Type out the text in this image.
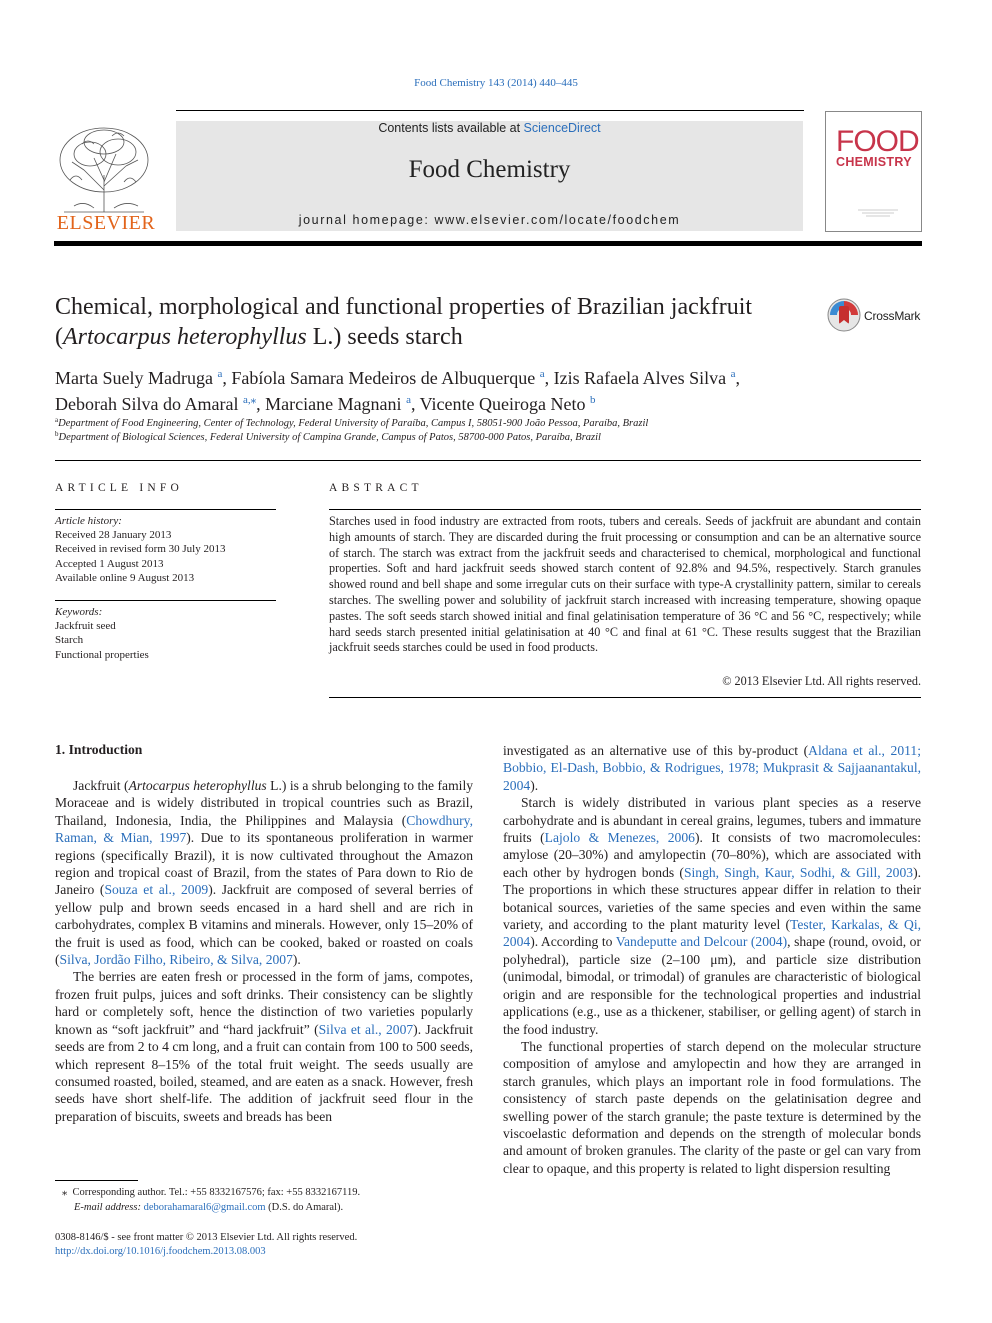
Food Chemistry 143 (2014) 440–445
ELSEVIER
Contents lists available at ScienceDirect
Food Chemistry
journal homepage: www.elsevier.com/locate/foodchem
FOOD
CHEMISTRY
Chemical, morphological and functional properties of Brazilian jackfruit (Artocarpus heterophyllus L.) seeds starch
CrossMark
Marta Suely Madruga $^a$, Fabíola Samara Medeiros de Albuquerque $^a$, Izis Rafaela Alves Silva $^a$,
Deborah Silva do Amaral $^{a,⁎}$, Marciane Magnani $^a$, Vicente Queiroga Neto $^b$
$^a$Department of Food Engineering, Center of Technology, Federal University of Paraíba, Campus I, 58051-900 João Pessoa, Paraíba, Brazil
$^b$Department of Biological Sciences, Federal University of Campina Grande, Campus of Patos, 58700-000 Patos, Paraíba, Brazil
ARTICLE INFO
Article history:
Received 28 January 2013
Received in revised form 30 July 2013
Accepted 1 August 2013
Available online 9 August 2013
Keywords:
Jackfruit seed
Starch
Functional properties
ABSTRACT
Starches used in food industry are extracted from roots, tubers and cereals. Seeds of jackfruit are abundant and contain high amounts of starch. They are discarded during the fruit processing or consumption and can be an alternative source of starch. The starch was extract from the jackfruit seeds and characterised to chemical, morphological and functional properties. Soft and hard jackfruit seeds showed starch content of 92.8% and 94.5%, respectively. Starch granules showed round and bell shape and some irregular cuts on their surface with type-A crystallinity pattern, similar to cereals starches. The swelling power and solubility of jackfruit starch increased with increasing temperature, showing opaque pastes. The soft seeds starch showed initial and final gelatinisation temperature of 36 °C and 56 °C, respectively; while hard seeds starch presented initial gelatinisation at 40 °C and final at 61 °C. These results suggest that the Brazilian jackfruit seeds starches could be used in food products.
© 2013 Elsevier Ltd. All rights reserved.
1. Introduction

Jackfruit (Artocarpus heterophyllus L.) is a shrub belonging to the family Moraceae and is widely distributed in tropical countries such as Brazil, Thailand, Indonesia, India, the Philippines and Malaysia (Chowdhury, Raman, & Mian, 1997). Due to its spontaneous proliferation in warmer regions (specifically Brazil), it is now cultivated throughout the Amazon region and tropical coast of Brazil, from the states of Para down to Rio de Janeiro (Souza et al., 2009). Jackfruit are composed of several berries of yellow pulp and brown seeds encased in a hard shell and are rich in carbohydrates, complex B vitamins and minerals. However, only 15–20% of the fruit is used as food, which can be cooked, baked or roasted on coals (Silva, Jordão Filho, Ribeiro, & Silva, 2007).

The berries are eaten fresh or processed in the form of jams, compotes, frozen fruit pulps, juices and soft drinks. Their consistency can be slightly hard or completely soft, hence the distinction of two varieties popularly known as “soft jackfruit” and “hard jackfruit” (Silva et al., 2007). Jackfruit seeds are from 2 to 4 cm long, and a fruit can contain from 100 to 500 seeds, which represent 8–15% of the total fruit weight. The seeds usually are consumed roasted, boiled, steamed, and are eaten as a snack. However, fresh seeds have short shelf-life. The addition of jackfruit seed flour in the preparation of biscuits, sweets and breads has been

⁎ Corresponding author. Tel.: +55 8332167576; fax: +55 8332167119.
E-mail address: deborahamaral6@gmail.com (D.S. do Amaral).
0308-8146/$ - see front matter © 2013 Elsevier Ltd. All rights reserved.
http://dx.doi.org/10.1016/j.foodchem.2013.08.003

investigated as an alternative use of this by-product (Aldana et al., 2011; Bobbio, El-Dash, Bobbio, & Rodrigues, 1978; Mukprasit & Sajjaanantakul, 2004).

Starch is widely distributed in various plant species as a reserve carbohydrate and is abundant in cereal grains, legumes, tubers and immature fruits (Lajolo & Menezes, 2006). It consists of two macromolecules: amylose (20–30%) and amylopectin (70–80%), which are associated with each other by hydrogen bonds (Singh, Singh, Kaur, Sodhi, & Gill, 2003). The proportions in which these structures appear differ in relation to their botanical sources, varieties of the same species and even within the same variety, and according to the plant maturity level (Tester, Karkalas, & Qi, 2004). According to Vandeputte and Delcour (2004), shape (round, ovoid, or polyhedral), particle size (2–100 μm), and particle size distribution (unimodal, bimodal, or trimodal) of granules are characteristic of biological origin and are responsible for the technological properties and industrial applications (e.g., use as a thickener, stabiliser, or gelling agent) of starch in the food industry.

The functional properties of starch depend on the molecular structure composition of amylose and amylopectin and how they are arranged in starch granules, which plays an important role in food formulations. The consistency of starch paste depends on the gelatinisation degree and swelling power of the starch granule; the paste texture is determined by the viscoelastic deformation and depends on the strength of molecular bonds and amount of broken granules. The clarity of the paste or gel can vary from clear to opaque, and this property is related to light dispersion resulting
